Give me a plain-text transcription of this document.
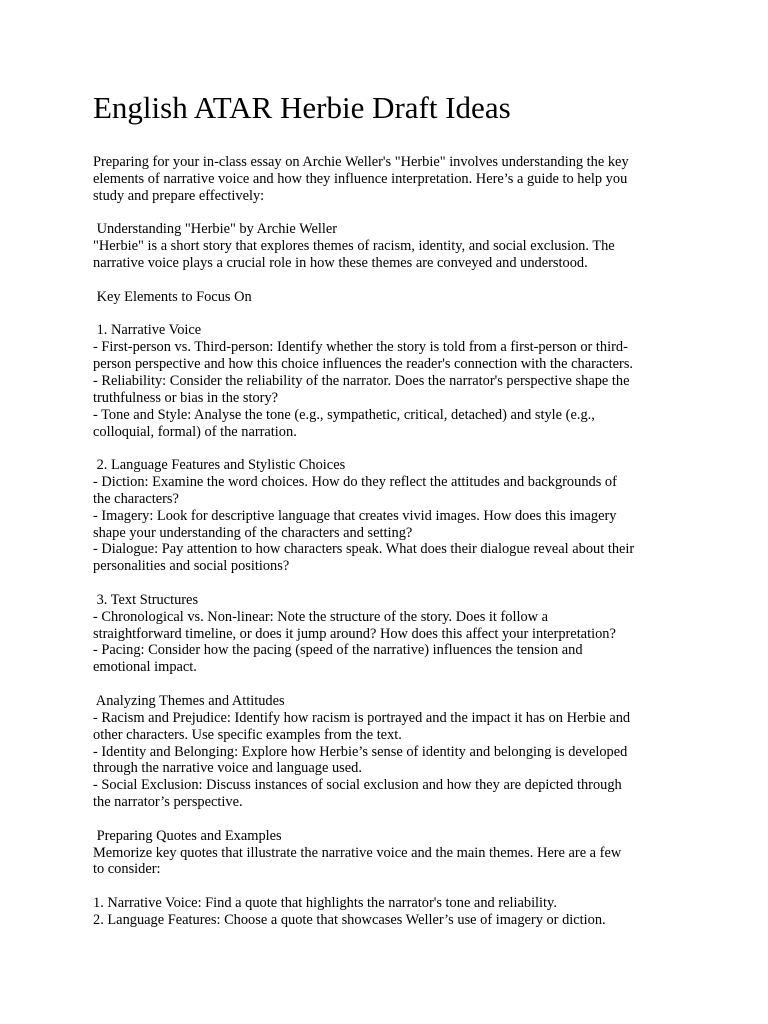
English ATAR Herbie Draft Ideas
Preparing for your in-class essay on Archie Weller's "Herbie" involves understanding the key
elements of narrative voice and how they influence interpretation. Here’s a guide to help you
study and prepare effectively:
Understanding "Herbie" by Archie Weller
"Herbie" is a short story that explores themes of racism, identity, and social exclusion. The
narrative voice plays a crucial role in how these themes are conveyed and understood.
Key Elements to Focus On
1. Narrative Voice
- First-person vs. Third-person: Identify whether the story is told from a first-person or third-
person perspective and how this choice influences the reader's connection with the characters.
- Reliability: Consider the reliability of the narrator. Does the narrator's perspective shape the
truthfulness or bias in the story?
- Tone and Style: Analyse the tone (e.g., sympathetic, critical, detached) and style (e.g.,
colloquial, formal) of the narration.
2. Language Features and Stylistic Choices
- Diction: Examine the word choices. How do they reflect the attitudes and backgrounds of
the characters?
- Imagery: Look for descriptive language that creates vivid images. How does this imagery
shape your understanding of the characters and setting?
- Dialogue: Pay attention to how characters speak. What does their dialogue reveal about their
personalities and social positions?
3. Text Structures
- Chronological vs. Non-linear: Note the structure of the story. Does it follow a
straightforward timeline, or does it jump around? How does this affect your interpretation?
- Pacing: Consider how the pacing (speed of the narrative) influences the tension and
emotional impact.
Analyzing Themes and Attitudes
- Racism and Prejudice: Identify how racism is portrayed and the impact it has on Herbie and
other characters. Use specific examples from the text.
- Identity and Belonging: Explore how Herbie’s sense of identity and belonging is developed
through the narrative voice and language used.
- Social Exclusion: Discuss instances of social exclusion and how they are depicted through
the narrator’s perspective.
Preparing Quotes and Examples
Memorize key quotes that illustrate the narrative voice and the main themes. Here are a few
to consider:
1. Narrative Voice: Find a quote that highlights the narrator's tone and reliability.
2. Language Features: Choose a quote that showcases Weller’s use of imagery or diction.
